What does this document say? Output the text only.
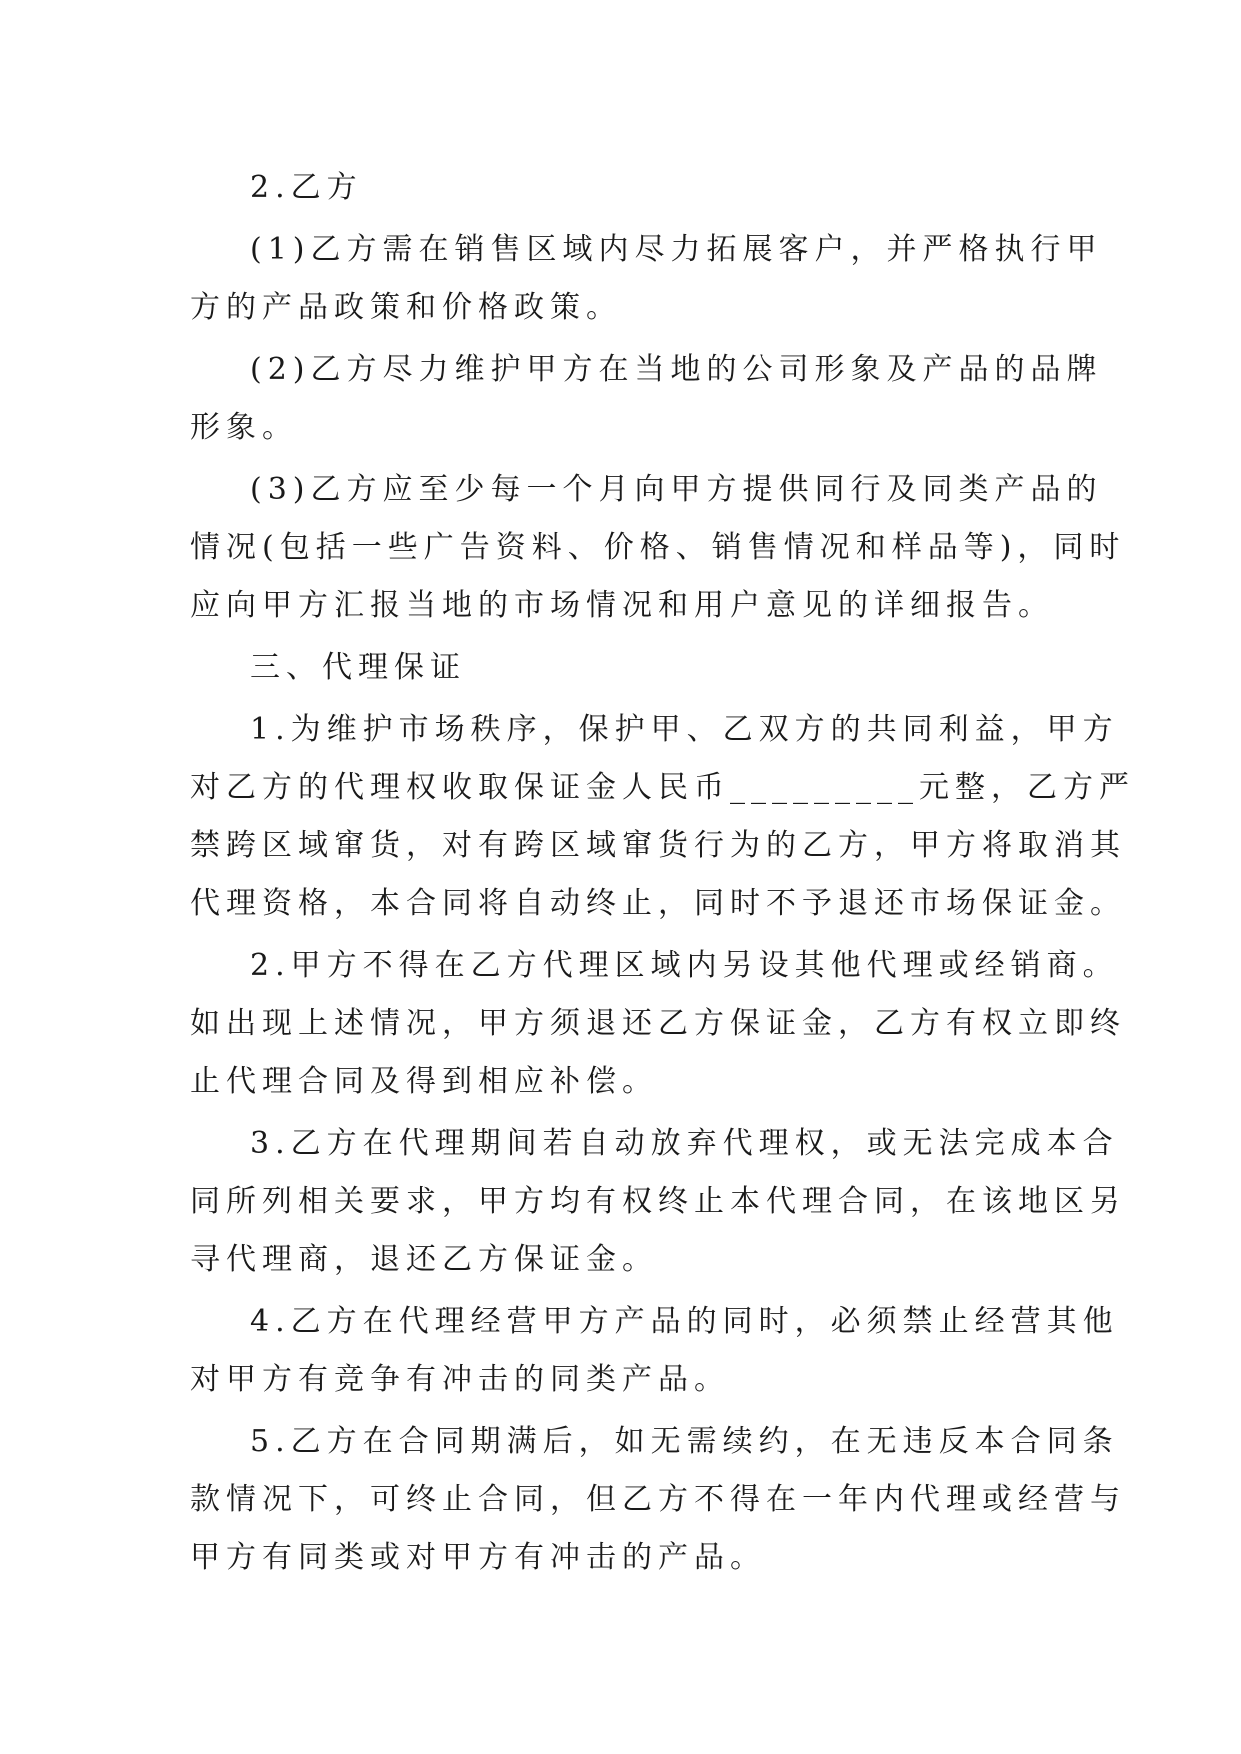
2.乙方
(1)乙方需在销售区域内尽力拓展客户，并严格执行甲
方的产品政策和价格政策。
(2)乙方尽力维护甲方在当地的公司形象及产品的品牌
形象。
(3)乙方应至少每一个月向甲方提供同行及同类产品的
情况(包括一些广告资料、价格、销售情况和样品等)，同时
应向甲方汇报当地的市场情况和用户意见的详细报告。
三、代理保证
1.为维护市场秩序，保护甲、乙双方的共同利益，甲方
对乙方的代理权收取保证金人民币_________元整，乙方严
禁跨区域窜货，对有跨区域窜货行为的乙方，甲方将取消其
代理资格，本合同将自动终止，同时不予退还市场保证金。
2.甲方不得在乙方代理区域内另设其他代理或经销商。
如出现上述情况，甲方须退还乙方保证金，乙方有权立即终
止代理合同及得到相应补偿。
3.乙方在代理期间若自动放弃代理权，或无法完成本合
同所列相关要求，甲方均有权终止本代理合同，在该地区另
寻代理商，退还乙方保证金。
4.乙方在代理经营甲方产品的同时，必须禁止经营其他
对甲方有竞争有冲击的同类产品。
5.乙方在合同期满后，如无需续约，在无违反本合同条
款情况下，可终止合同，但乙方不得在一年内代理或经营与
甲方有同类或对甲方有冲击的产品。
